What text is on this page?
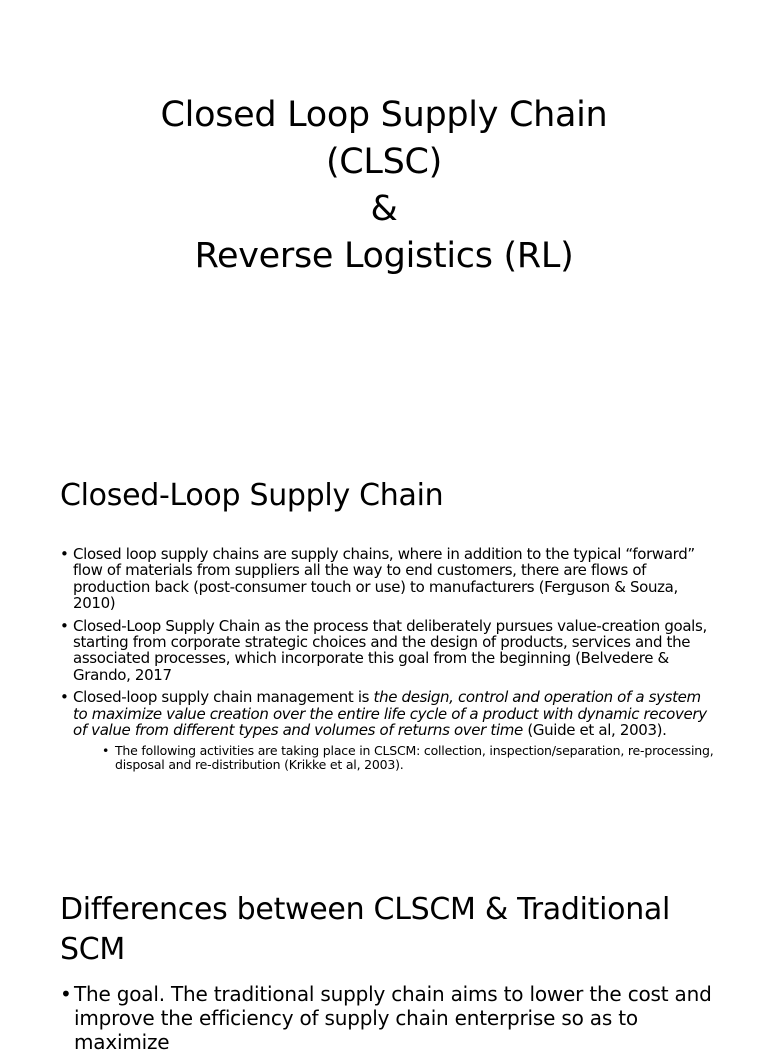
Closed Loop Supply Chain
(CLSC)
&
Reverse Logistics (RL)
Closed-Loop Supply Chain
• Closed loop supply chains are supply chains, where in addition to the typical “forward” flow of materials from suppliers all the way to end customers, there are flows of production back (post-consumer touch or use) to manufacturers (Ferguson & Souza, 2010)
• Closed-Loop Supply Chain as the process that deliberately pursues value-creation goals, starting from corporate strategic choices and the design of products, services and the associated processes, which incorporate this goal from the beginning (Belvedere & Grando, 2017
• Closed-loop supply chain management is the design, control and operation of a system to maximize value creation over the entire life cycle of a product with dynamic recovery of value from different types and volumes of returns over time (Guide et al, 2003).
• The following activities are taking place in CLSCM: collection, inspection/separation, re-processing, disposal and re-distribution (Krikke et al, 2003).
Differences between CLSCM & Traditional SCM
• The goal. The traditional supply chain aims to lower the cost and improve the efficiency of supply chain enterprise so as to maximize
